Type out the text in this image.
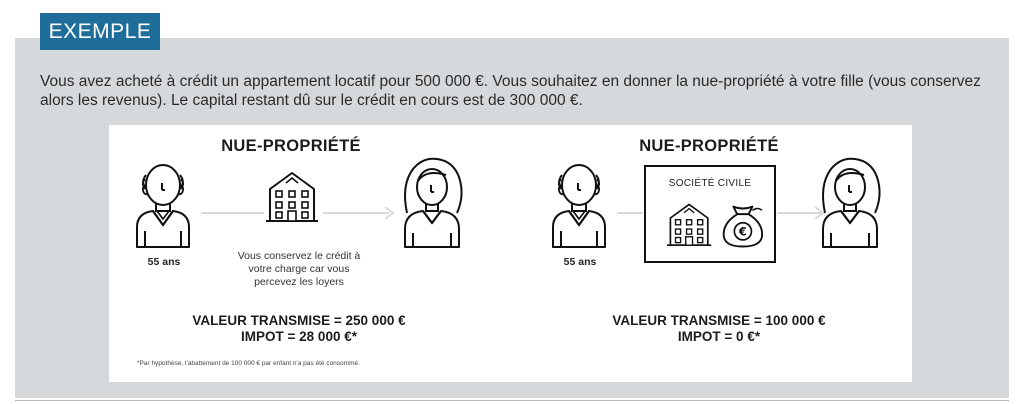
EXEMPLE
Vous avez acheté à crédit un appartement locatif pour 500 000 €. Vous souhaitez en donner la nue-propriété à votre fille (vous conservez alors les revenus). Le capital restant dû sur le crédit en cours est de 300 000 €.
€
NUE-PROPRIÉTÉ
55 ans	Vous conservez le crédit à
votre charge car vous
percevez les loyers
VALEUR TRANSMISE = 250 000 €
IMPOT = 28 000 €*
NUE-PROPRIÉTÉ
55 ans
SOCIÉTÉ CIVILE
VALEUR TRANSMISE = 100 000 €
IMPOT = 0 €*
*Par hypothèse, l'abattement de 100 000 € par enfant n'a pas été consommé.
